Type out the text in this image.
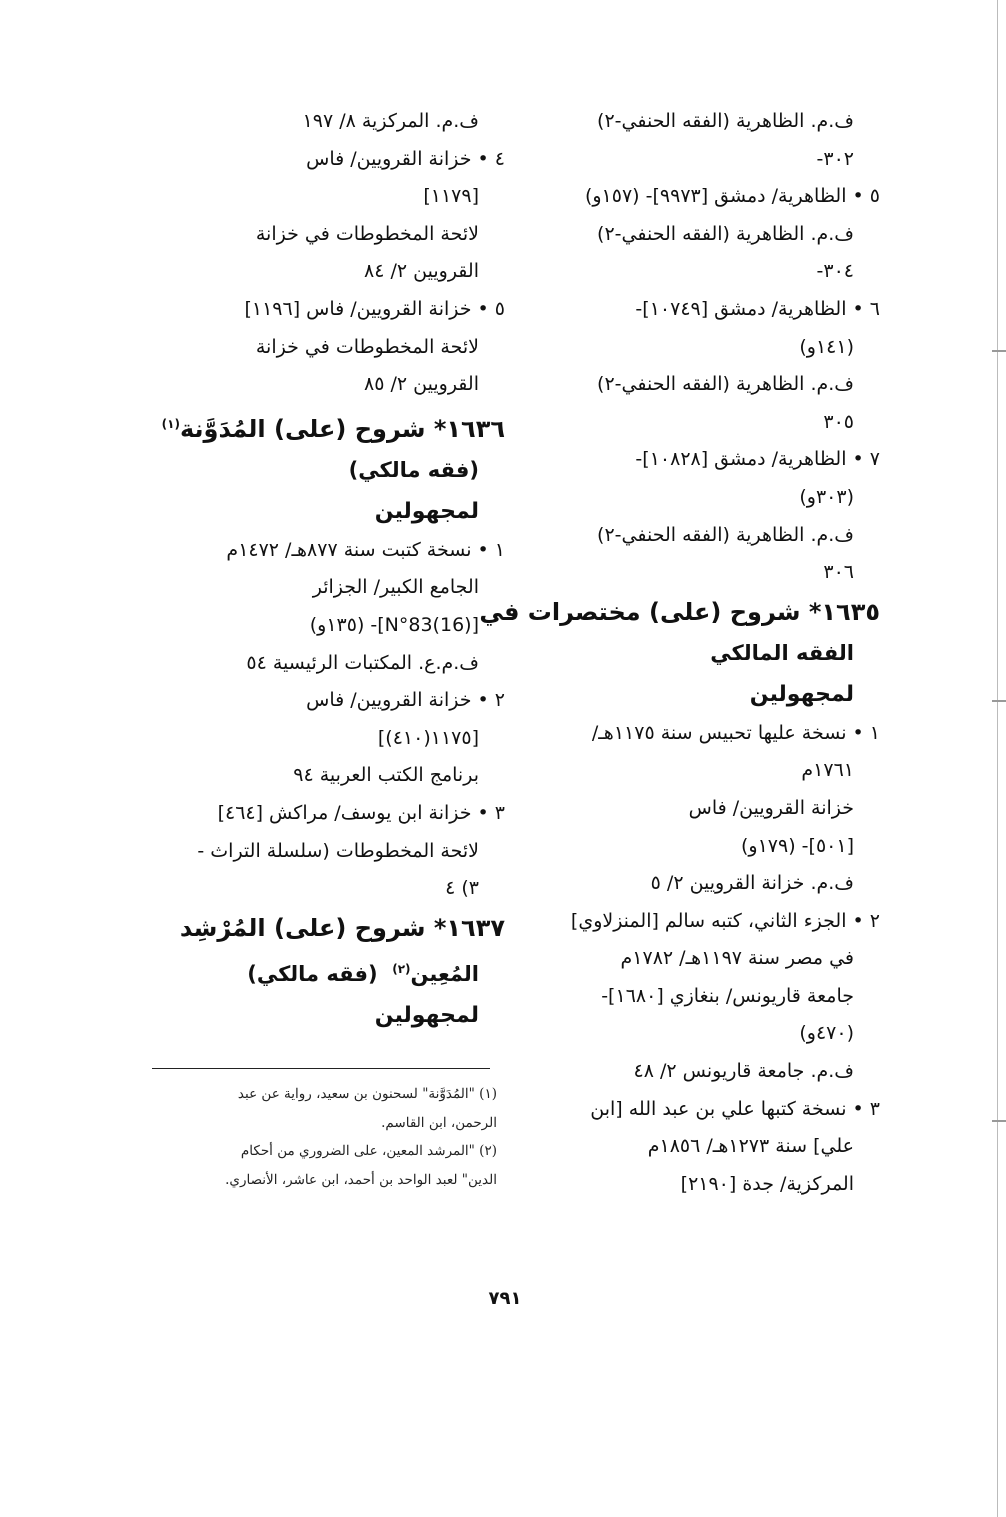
ف.م. الظاهرية (الفقه الحنفي-٢)
٣٠٢-
٥ • الظاهرية/ دمشق [٩٩٧٣]- (١٥٧و)
ف.م. الظاهرية (الفقه الحنفي-٢)
٣٠٤-
٦ • الظاهرية/ دمشق [١٠٧٤٩]-
(١٤١و)
ف.م. الظاهرية (الفقه الحنفي-٢)
٣٠٥
٧ • الظاهرية/ دمشق [١٠٨٢٨]-
(٣٠٣و)
ف.م. الظاهرية (الفقه الحنفي-٢)
٣٠٦
١٦٣٥* شروح (على) مختصرات في
الفقه المالكي
لمجهولين
١ • نسخة عليها تحبيس سنة ١١٧٥هـ/
١٧٦١م
خزانة القرويين/ فاس
[٥٠١]- (١٧٩و)
ف.م. خزانة القرويين ٢/ ٥
٢ • الجزء الثاني، كتبه سالم [المنزلاوي]
في مصر سنة ١١٩٧هـ/ ١٧٨٢م
جامعة قاريونس/ بنغازي [١٦٨٠]-
(٤٧٠و)
ف.م. جامعة قاريونس ٢/ ٤٨
٣ • نسخة كتبها علي بن عبد الله [ابن
علي] سنة ١٢٧٣هـ/ ١٨٥٦م
المركزية/ جدة [٢١٩٠]
ف.م. المركزية ٨/ ١٩٧
٤ • خزانة القرويين/ فاس
[١١٧٩]
لائحة المخطوطات في خزانة
القرويين ٢/ ٨٤
٥ • خزانة القرويين/ فاس [١١٩٦]
لائحة المخطوطات في خزانة
القرويين ٢/ ٨٥
١٦٣٦* شروح (على) المُدَوَّنة$^{(١)}$
(فقه مالكي)
لمجهولين
١ • نسخة كتبت سنة ٨٧٧هـ/ ١٤٧٢م
الجامع الكبير/ الجزائر
[N°83(16)]- (١٣٥و)
ف.م.ع. المكتبات الرئيسية ٥٤
٢ • خزانة القرويين/ فاس
[١١٧٥(٤١٠)]
برنامج الكتب العربية ٩٤
٣ • خزانة ابن يوسف/ مراكش [٤٦٤]
لائحة المخطوطات (سلسلة التراث -
٣) ٤
١٦٣٧* شروح (على) المُرْشِد
المُعِين$^{(٢)}$  (فقه مالكي)
لمجهولين
(١) "المُدَوَّنة" لسحنون بن سعيد، رواية عن عبد
الرحمن، ابن القاسم.
(٢) "المرشد المعين، على الضروري من أحكام
الدين" لعبد الواحد بن أحمد، ابن عاشر، الأنصاري.
٧٩١
